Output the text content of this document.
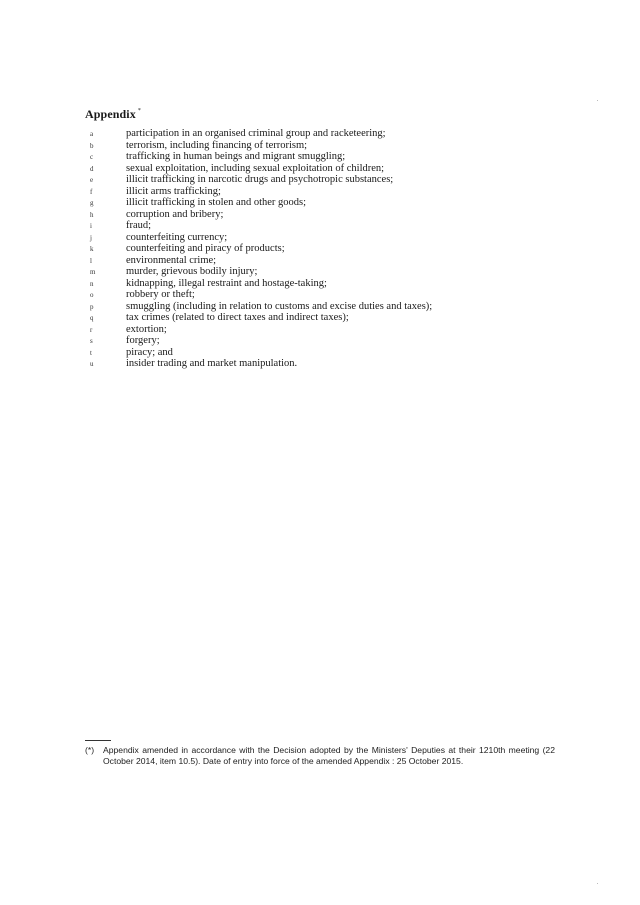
Appendix *
a	participation in an organised criminal group and racketeering;
b	terrorism, including financing of terrorism;
c	trafficking in human beings and migrant smuggling;
d	sexual exploitation, including sexual exploitation of children;
e	illicit trafficking in narcotic drugs and psychotropic substances;
f	illicit arms trafficking;
g	illicit trafficking in stolen and other goods;
h	corruption and bribery;
i	fraud;
j	counterfeiting currency;
k	counterfeiting and piracy of products;
l	environmental crime;
m	murder, grievous bodily injury;
n	kidnapping, illegal restraint and hostage-taking;
o	robbery or theft;
p	smuggling (including in relation to customs and excise duties and taxes);
q	tax crimes (related to direct taxes and indirect taxes);
r	extortion;
s	forgery;
t	piracy; and
u	insider trading and market manipulation.
(*)	Appendix amended in accordance with the Decision adopted by the Ministers' Deputies at their 1210th meeting (22 October 2014, item 10.5). Date of entry into force of the amended Appendix : 25 October 2015.
